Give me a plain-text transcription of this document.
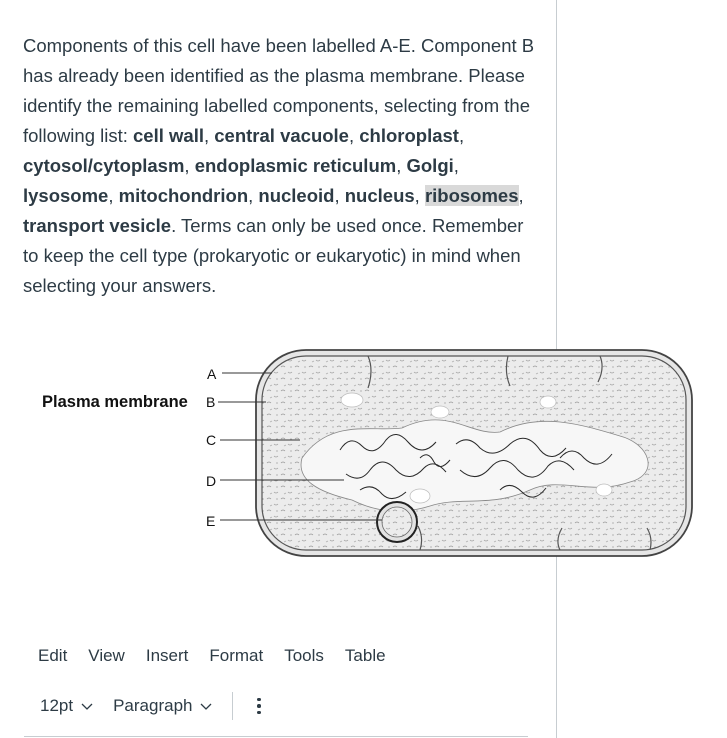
Components of this cell have been labelled A-E. Component B has already been identified as the plasma membrane. Please identify the remaining labelled components, selecting from the following list: cell wall, central vacuole, chloroplast, cytosol/cytoplasm, endoplasmic reticulum, Golgi, lysosome, mitochondrion, nucleoid, nucleus, ribosomes, transport vesicle. Terms can only be used once. Remember to keep the cell type (prokaryotic or eukaryotic) in mind when selecting your answers.
Plasma membrane
A
B
C
D
E
Edit View Insert Format Tools Table
12pt Paragraph
